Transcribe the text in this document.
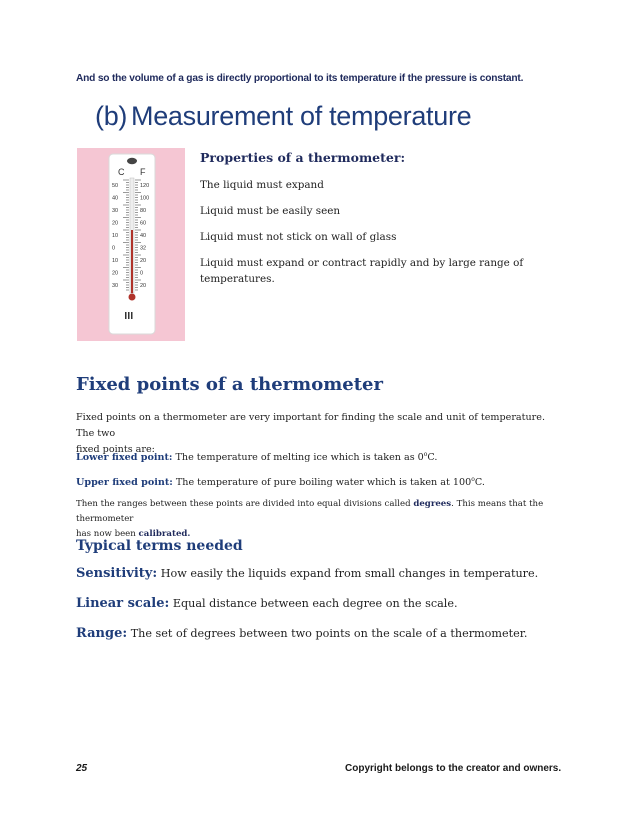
And so the volume of a gas is directly proportional to its temperature if the pressure is constant.
(b) Measurement of temperature
C F
50
40
30
20
10
0
10
20
30
120
100
80
60
40
32
20
0
20
Properties of a thermometer:
The liquid must expand
Liquid must be easily seen
Liquid must not stick on wall of glass
Liquid must expand or contract rapidly and by large range of
temperatures.
Fixed points of a thermometer
Fixed points on a thermometer are very important for finding the scale and unit of temperature. The two
fixed points are:
Lower fixed point: The temperature of melting ice which is taken as 0$^o$C.
Upper fixed point: The temperature of pure boiling water which is taken at 100$^o$C.
Then the ranges between these points are divided into equal divisions called degrees. This means that the thermometer
has now been calibrated.
Typical terms needed
Sensitivity: How easily the liquids expand from small changes in temperature.
Linear scale: Equal distance between each degree on the scale.
Range: The set of degrees between two points on the scale of a thermometer.
25	Copyright belongs to the creator and owners.
